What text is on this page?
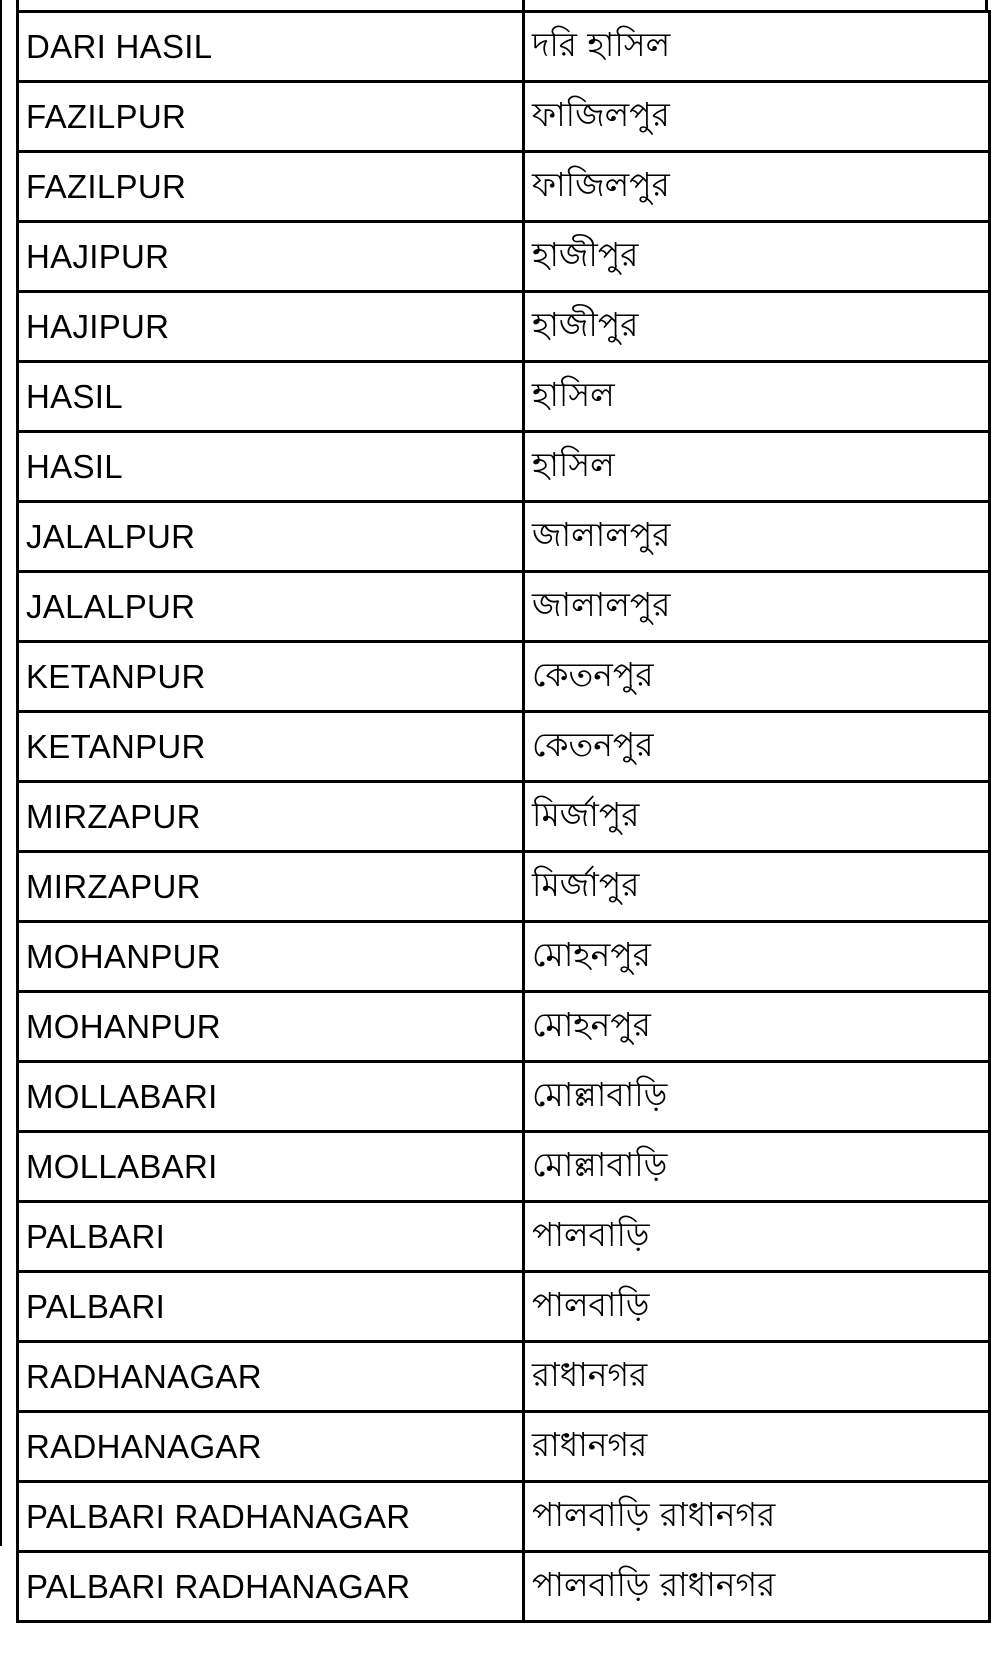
DARI HASIL	দরি হাসিল
FAZILPUR	ফাজিলপুর
FAZILPUR	ফাজিলপুর
HAJIPUR	হাজীপুর
HAJIPUR	হাজীপুর
HASIL	হাসিল
HASIL	হাসিল
JALALPUR	জালালপুর
JALALPUR	জালালপুর
KETANPUR	কেতনপুর
KETANPUR	কেতনপুর
MIRZAPUR	মির্জাপুর
MIRZAPUR	মির্জাপুর
MOHANPUR	মোহনপুর
MOHANPUR	মোহনপুর
MOLLABARI	মোল্লাবাড়ি
MOLLABARI	মোল্লাবাড়ি
PALBARI	পালবাড়ি
PALBARI	পালবাড়ি
RADHANAGAR	রাধানগর
RADHANAGAR	রাধানগর
PALBARI RADHANAGAR	পালবাড়ি রাধানগর
PALBARI RADHANAGAR	পালবাড়ি রাধানগর
